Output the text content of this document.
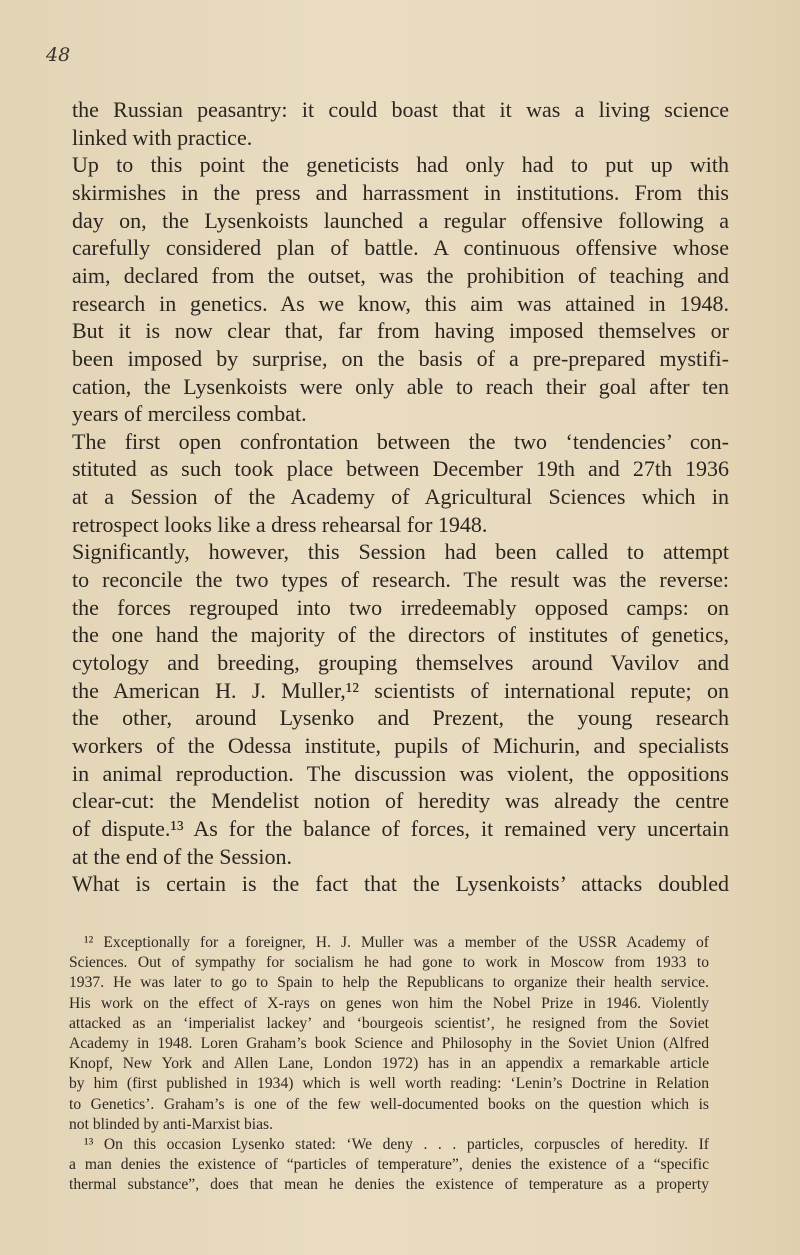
48
the Russian peasantry: it could boast that it was a living science
linked with practice.
Up to this point the geneticists had only had to put up with
skirmishes in the press and harrassment in institutions. From this
day on, the Lysenkoists launched a regular offensive following a
carefully considered plan of battle. A continuous offensive whose
aim, declared from the outset, was the prohibition of teaching and
research in genetics. As we know, this aim was attained in 1948.
But it is now clear that, far from having imposed themselves or
been imposed by surprise, on the basis of a pre-prepared mystifi-
cation, the Lysenkoists were only able to reach their goal after ten
years of merciless combat.
The first open confrontation between the two ‘tendencies’ con-
stituted as such took place between December 19th and 27th 1936
at a Session of the Academy of Agricultural Sciences which in
retrospect looks like a dress rehearsal for 1948.
Significantly, however, this Session had been called to attempt
to reconcile the two types of research. The result was the reverse:
the forces regrouped into two irredeemably opposed camps: on
the one hand the majority of the directors of institutes of genetics,
cytology and breeding, grouping themselves around Vavilov and
the American H. J. Muller,¹² scientists of international repute; on
the other, around Lysenko and Prezent, the young research
workers of the Odessa institute, pupils of Michurin, and specialists
in animal reproduction. The discussion was violent, the oppositions
clear-cut: the Mendelist notion of heredity was already the centre
of dispute.¹³ As for the balance of forces, it remained very uncertain
at the end of the Session.
What is certain is the fact that the Lysenkoists’ attacks doubled
¹² Exceptionally for a foreigner, H. J. Muller was a member of the USSR Academy of
Sciences. Out of sympathy for socialism he had gone to work in Moscow from 1933 to
1937. He was later to go to Spain to help the Republicans to organize their health service.
His work on the effect of X-rays on genes won him the Nobel Prize in 1946. Violently
attacked as an ‘imperialist lackey’ and ‘bourgeois scientist’, he resigned from the Soviet
Academy in 1948. Loren Graham’s book Science and Philosophy in the Soviet Union (Alfred
Knopf, New York and Allen Lane, London 1972) has in an appendix a remarkable article
by him (first published in 1934) which is well worth reading: ‘Lenin’s Doctrine in Relation
to Genetics’. Graham’s is one of the few well-documented books on the question which is
not blinded by anti-Marxist bias.
¹³ On this occasion Lysenko stated: ‘We deny . . . particles, corpuscles of heredity. If
a man denies the existence of “particles of temperature”, denies the existence of a “specific
thermal substance”, does that mean he denies the existence of temperature as a property
